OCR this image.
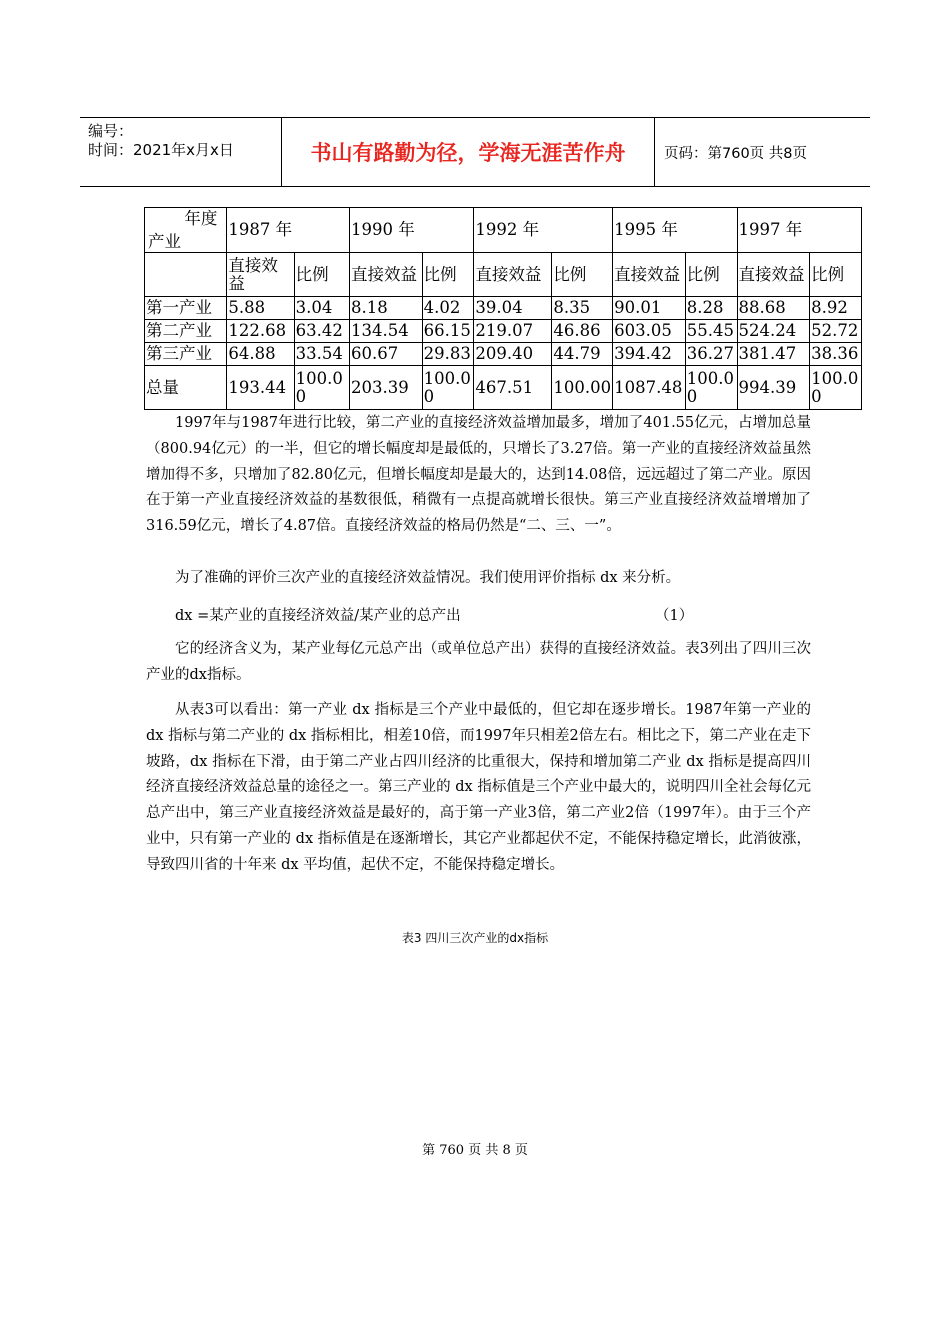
编号：
时间：2021年x月x日	书山有路勤为径，学海无涯苦作舟	页码：第760页 共8页
年度
产业	1987 年		1990 年		1992 年		1995 年		1997 年	
	直接效益	比例	直接效益	比例	直接效益	比例	直接效益	比例	直接效益	比例
第一产业	5.88	3.04	8.18	4.02	39.04	8.35	90.01	8.28	88.68	8.92
第二产业	122.68	63.42	134.54	66.15	219.07	46.86	603.05	55.45	524.24	52.72
第三产业	64.88	33.54	60.67	29.83	209.40	44.79	394.42	36.27	381.47	38.36
总量	193.44	100.00	203.39	100.00	467.51	100.00	1087.48	100.00	994.39	100.00

1997年与1987年进行比较，第二产业的直接经济效益增加最多，增加了401.55亿元，占增加总量（800.94亿元）的一半，但它的增长幅度却是最低的，只增长了3.27倍。第一产业的直接经济效益虽然增加得不多，只增加了82.80亿元，但增长幅度却是最大的，达到14.08倍，远远超过了第二产业。原因在于第一产业直接经济效益的基数很低，稍微有一点提高就增长很快。第三产业直接经济效益增增加了316.59亿元，增长了4.87倍。直接经济效益的格局仍然是“二、三、一”。

为了准确的评价三次产业的直接经济效益情况。我们使用评价指标 dx 来分析。

dx =某产业的直接经济效益/某产业的总产出	（1）

它的经济含义为，某产业每亿元总产出（或单位总产出）获得的直接经济效益。表3列出了四川三次产业的dx指标。

从表3可以看出：第一产业 dx 指标是三个产业中最低的，但它却在逐步增长。1987年第一产业的 dx 指标与第二产业的 dx 指标相比，相差10倍，而1997年只相差2倍左右。相比之下，第二产业在走下坡路，dx 指标在下滑，由于第二产业占四川经济的比重很大，保持和增加第二产业 dx 指标是提高四川经济直接经济效益总量的途径之一。第三产业的 dx 指标值是三个产业中最大的，说明四川全社会每亿元总产出中，第三产业直接经济效益是最好的，高于第一产业3倍，第二产业2倍（1997年）。由于三个产业中，只有第一产业的 dx 指标值是在逐渐增长，其它产业都起伏不定，不能保持稳定增长，此消彼涨，导致四川省的十年来 dx 平均值，起伏不定，不能保持稳定增长。

表3 四川三次产业的dx指标
第 760 页 共 8 页
